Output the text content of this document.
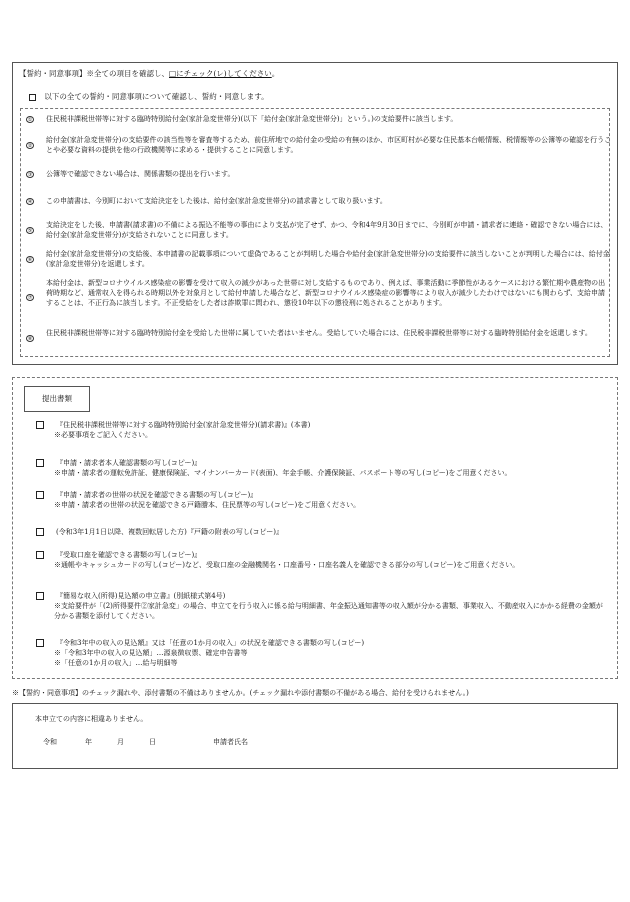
【誓約・同意事項】※全ての項目を確認し、□にチェック(レ)してください。
以下の全ての誓約・同意事項について確認し、誓約・同意します。
① 住民税非課税世帯等に対する臨時特別給付金(家計急変世帯分)(以下「給付金(家計急変世帯分)」という。)の支給要件に該当します。
②
給付金(家計急変世帯分)の支給要件の該当性等を審査等するため、前住所地での給付金の受給の有無のほか、市区町村が必要な住民基本台帳情報、税情報等の公簿等の確認を行うことや必要な資料の提供を他の行政機関等に求める・提供することに同意します。
③ 公簿等で確認できない場合は、関係書類の提出を行います。
④ この申請書は、今別町において支給決定をした後は、給付金(家計急変世帯分)の請求書として取り扱います。
⑤
支給決定をした後、申請書(請求書)の不備による振込不能等の事由により支払が完了せず、かつ、令和4年9月30日までに、今別町が申請・請求者に連絡・確認できない場合には、給付金(家計急変世帯分)が支給されないことに同意します。
⑥
給付金(家計急変世帯分)の支給後、本申請書の記載事項について虚偽であることが判明した場合や給付金(家計急変世帯分)の支給要件に該当しないことが判明した場合には、給付金(家計急変世帯分)を返還します。
⑦
本給付金は、新型コロナウイルス感染症の影響を受けて収入の減少があった世帯に対し支給するものであり、例えば、事業活動に季節性があるケースにおける繁忙期や農産物の出荷時期など、通常収入を得られる時期以外を対象月として給付申請した場合など、新型コロナウイルス感染症の影響等により収入が減少したわけではないにも関わらず、支給申請することは、不正行為に該当します。不正受給をした者は詐欺罪に問われ、懲役10年以下の懲役刑に処されることがあります。
⑧
住民税非課税世帯等に対する臨時特別給付金を受給した世帯に属していた者はいません。受給していた場合には、住民税非課税世帯等に対する臨時特別給付金を返還します。
提出書類
『住民税非課税世帯等に対する臨時特別給付金(家計急変世帯分)(請求書)』(本書)
※必要事項をご記入ください。
『申請・請求者本人確認書類の写し(コピー)』
※申請・請求者の運転免許証、健康保険証、マイナンバーカード(表面)、年金手帳、介護保険証、パスポート等の写し(コピー)をご用意ください。
『申請・請求者の世帯の状況を確認できる書類の写し(コピー)』
※申請・請求者の世帯の状況を確認できる戸籍謄本、住民票等の写し(コピー)をご用意ください。
(令和3年1月1日以降、複数回転居した方)『戸籍の附表の写し(コピー)』
『受取口座を確認できる書類の写し(コピー)』
※通帳やキャッシュカードの写し(コピー)など、受取口座の金融機関名・口座番号・口座名義人を確認できる部分の写し(コピー)をご用意ください。
『簡易な収入(所得)見込額の申立書』(別紙様式第4号)
※支給要件が「(2)所得要件②家計急変」の場合、申立てを行う収入に係る給与明細書、年金振込通知書等の収入額が分かる書類、事業収入、不動産収入にかかる経費の金額が分かる書類を添付してください。
『令和3年中の収入の見込額』又は「任意の1か月の収入」の状況を確認できる書類の写し(コピー)
※「令和3年中の収入の見込額」…源泉徴収票、確定申告書等
※「任意の1か月の収入」…給与明細等
※【誓約・同意事項】のチェック漏れや、添付書類の不備はありませんか。(チェック漏れや添付書類の不備がある場合、給付を受けられません。)
本申立ての内容に相違ありません。
令和	年	月	日	申請者氏名
